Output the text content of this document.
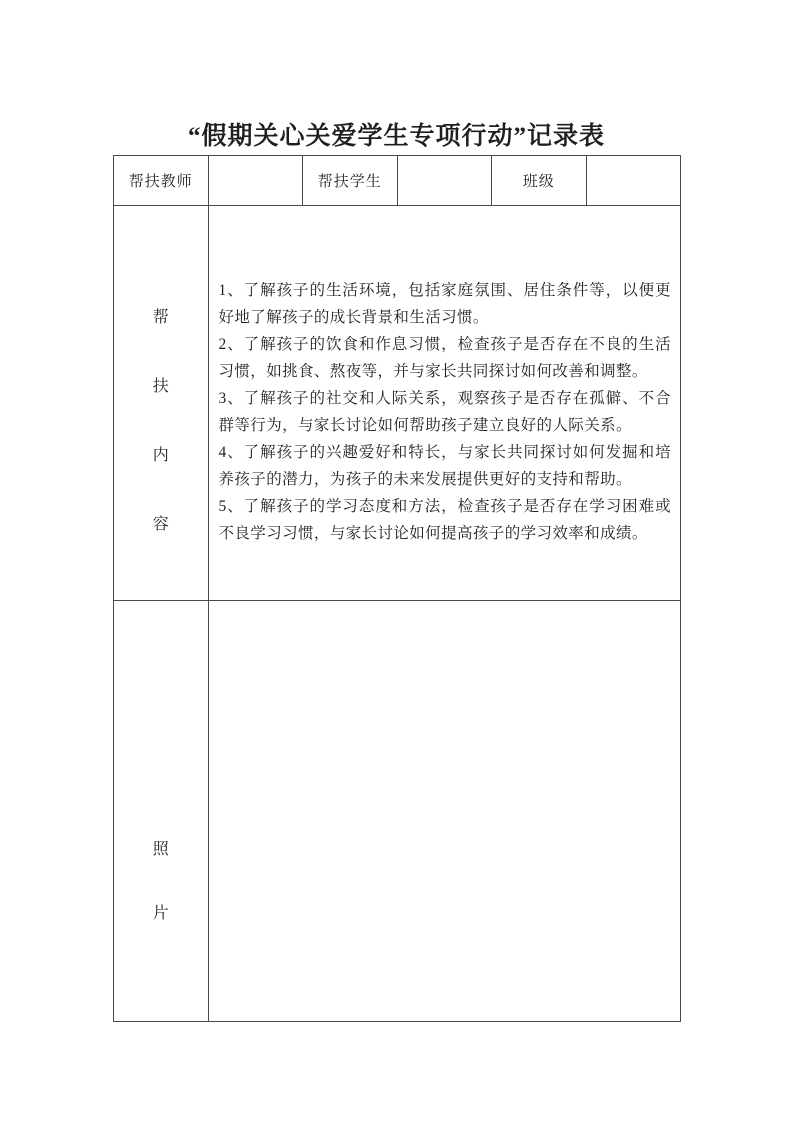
“假期关心关爱学生专项行动”记录表
帮扶教师		帮扶学生		班级	

帮
扶
内
容

1、了解孩子的生活环境，包括家庭氛围、居住条件等，以便更好地了解孩子的成长背景和生活习惯。

2、了解孩子的饮食和作息习惯，检查孩子是否存在不良的生活习惯，如挑食、熬夜等，并与家长共同探讨如何改善和调整。

3、了解孩子的社交和人际关系，观察孩子是否存在孤僻、不合群等行为，与家长讨论如何帮助孩子建立良好的人际关系。

4、了解孩子的兴趣爱好和特长，与家长共同探讨如何发掘和培养孩子的潜力，为孩子的未来发展提供更好的支持和帮助。

5、了解孩子的学习态度和方法，检查孩子是否存在学习困难或不良学习习惯，与家长讨论如何提高孩子的学习效率和成绩。

照
片					
